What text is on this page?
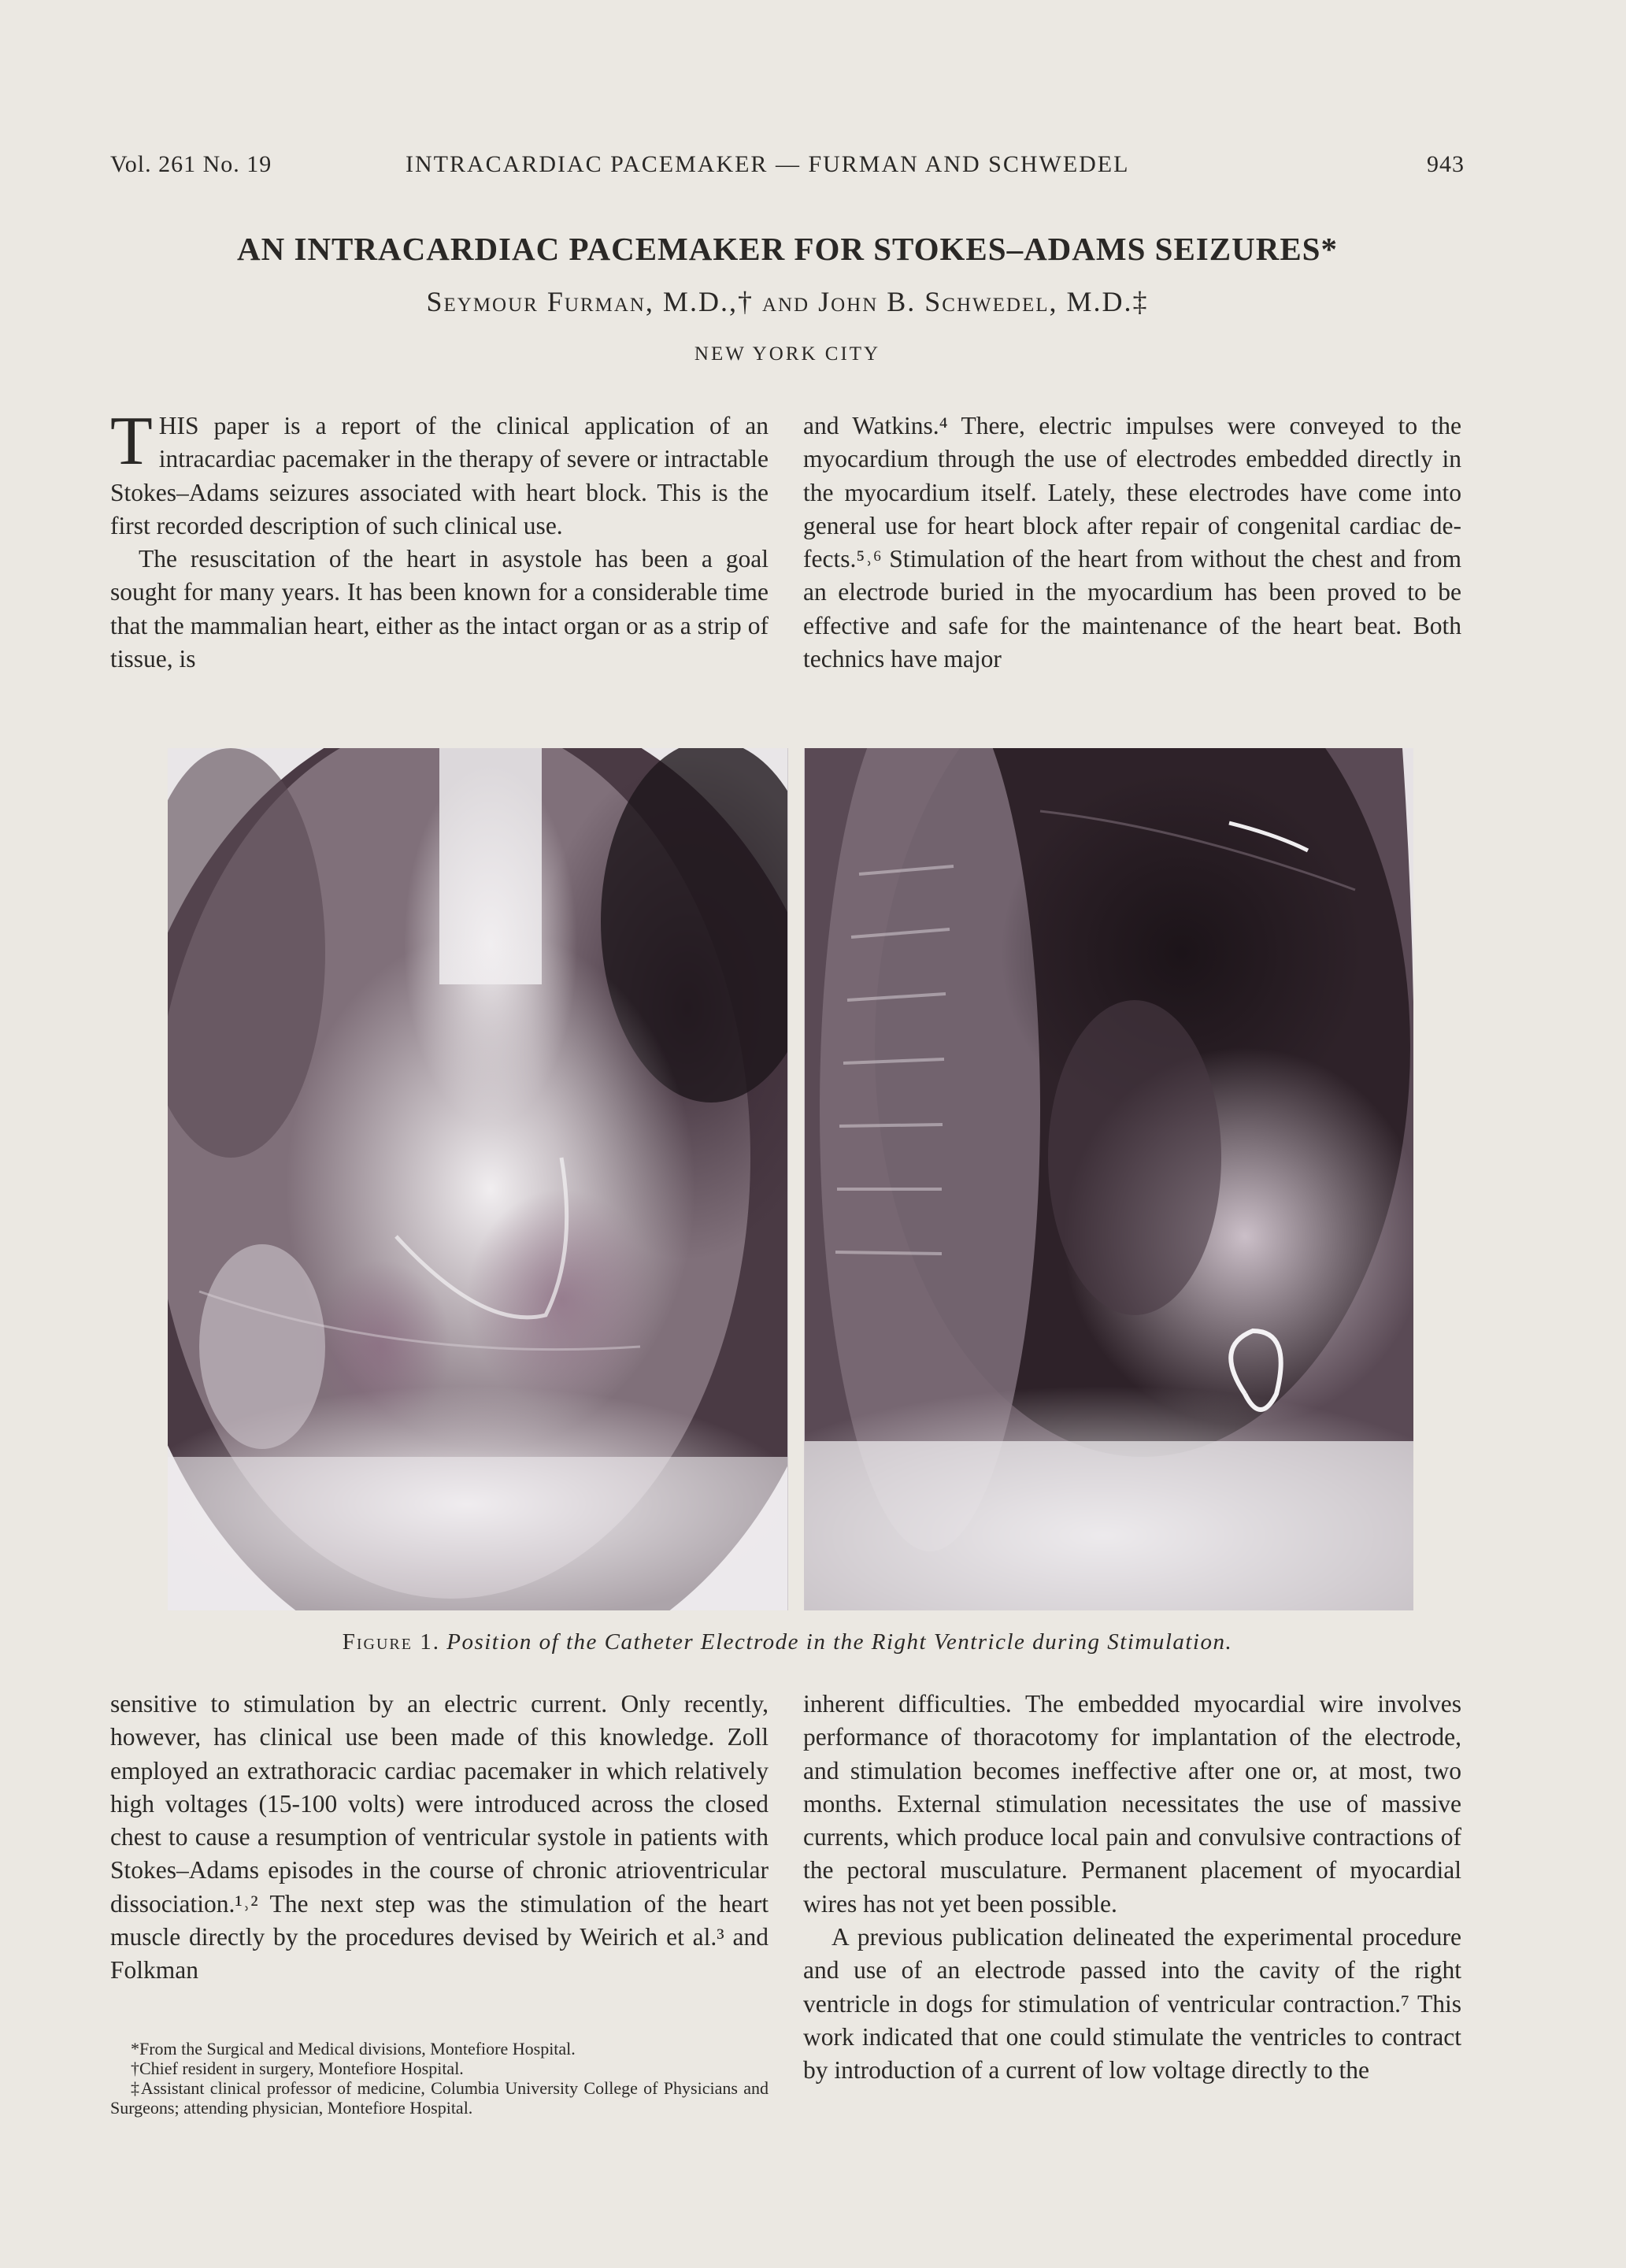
Vol. 261 No. 19	INTRACARDIAC PACEMAKER — FURMAN AND SCHWEDEL	943
AN INTRACARDIAC PACEMAKER FOR STOKES–ADAMS SEIZURES*
Seymour Furman, M.D.,† and John B. Schwedel, M.D.‡
NEW YORK CITY

THIS paper is a report of the clinical application of an intracardiac pacemaker in the therapy of severe or intractable Stokes–Adams seizures associated with heart block. This is the first recorded description of such clinical use.

The resuscitation of the heart in asystole has been a goal sought for many years. It has been known for a considerable time that the mammalian heart, either as the intact organ or as a strip of tissue, is

and Watkins.⁴ There, electric impulses were conveyed to the myocardium through the use of electrodes embedded directly in the myocardium itself. Lately, these electrodes have come into general use for heart block after repair of congenital cardiac defects.⁵˒⁶ Stimulation of the heart from without the chest and from an electrode buried in the myocardium has been proved to be effective and safe for the maintenance of the heart beat. Both technics have major

Figure 1. Position of the Catheter Electrode in the Right Ventricle during Stimulation.

sensitive to stimulation by an electric current. Only recently, however, has clinical use been made of this knowledge. Zoll employed an extrathoracic cardiac pacemaker in which relatively high voltages (15-100 volts) were introduced across the closed chest to cause a resumption of ventricular systole in patients with Stokes–Adams episodes in the course of chronic atrioventricular dissociation.¹˒² The next step was the stimulation of the heart muscle directly by the procedures devised by Weirich et al.³ and Folkman

inherent difficulties. The embedded myocardial wire involves performance of thoracotomy for implantation of the electrode, and stimulation becomes ineffective after one or, at most, two months. External stimulation necessitates the use of massive currents, which produce local pain and convulsive contractions of the pectoral musculature. Permanent placement of myocardial wires has not yet been possible.

A previous publication delineated the experimental procedure and use of an electrode passed into the cavity of the right ventricle in dogs for stimulation of ventricular contraction.⁷ This work indicated that one could stimulate the ventricles to contract by introduction of a current of low voltage directly to the

*From the Surgical and Medical divisions, Montefiore Hospital.

†Chief resident in surgery, Montefiore Hospital.

‡Assistant clinical professor of medicine, Columbia University College of Physicians and Surgeons; attending physician, Montefiore Hospital.
